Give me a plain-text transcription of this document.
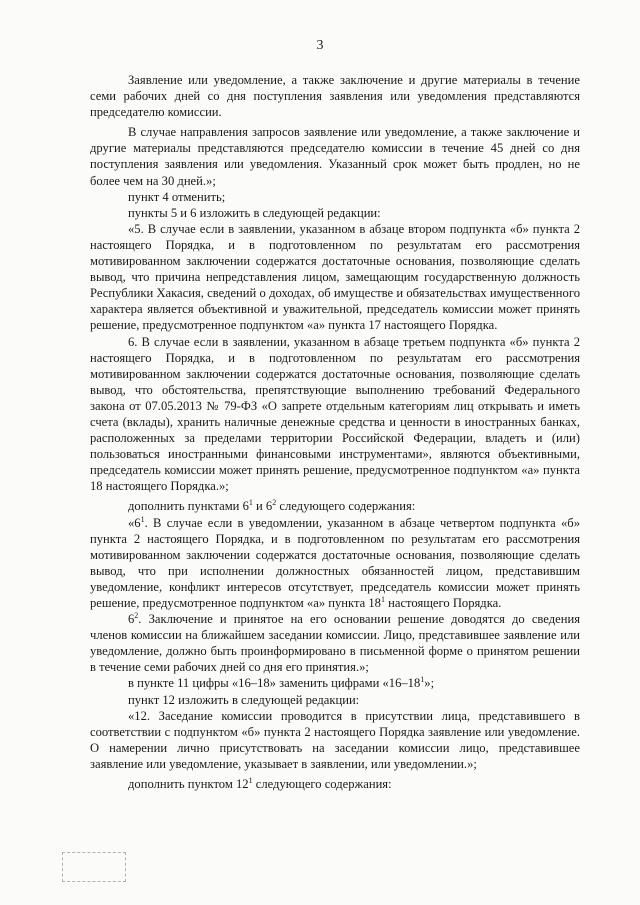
3

Заявление или уведомление, а также заключение и другие материалы в течение семи рабочих дней со дня поступления заявления или уведомления представляются председателю комиссии.

В случае направления запросов заявление или уведомление, а также заключение и другие материалы представляются председателю комиссии в течение 45 дней со дня поступления заявления или уведомления. Указанный срок может быть продлен, но не более чем на 30 дней.»;

пункт 4 отменить;

пункты 5 и 6 изложить в следующей редакции:

«5. В случае если в заявлении, указанном в абзаце втором подпункта «б» пункта 2 настоящего Порядка, и в подготовленном по результатам его рассмотрения мотивированном заключении содержатся достаточные основания, позволяющие сделать вывод, что причина непредставления лицом, замещающим государственную должность Республики Хакасия, сведений о доходах, об имуществе и обязательствах имущественного характера является объективной и уважительной, председатель комиссии может принять решение, предусмотренное подпунктом «а» пункта 17 настоящего Порядка.

6. В случае если в заявлении, указанном в абзаце третьем подпункта «б» пункта 2 настоящего Порядка, и в подготовленном по результатам его рассмотрения мотивированном заключении содержатся достаточные основания, позволяющие сделать вывод, что обстоятельства, препятствующие выполнению требований Федерального закона от 07.05.2013 № 79-ФЗ «О запрете отдельным категориям лиц открывать и иметь счета (вклады), хранить наличные денежные средства и ценности в иностранных банках, расположенных за пределами территории Российской Федерации, владеть и (или) пользоваться иностранными финансовыми инструментами», являются объективными, председатель комиссии может принять решение, предусмотренное подпунктом «а» пункта 18 настоящего Порядка.»;

дополнить пунктами $6^1$ и $6^2$ следующего содержания:

«$6^1$. В случае если в уведомлении, указанном в абзаце четвертом подпункта «б» пункта 2 настоящего Порядка, и в подготовленном по результатам его рассмотрения мотивированном заключении содержатся достаточные основания, позволяющие сделать вывод, что при исполнении должностных обязанностей лицом, представившим уведомление, конфликт интересов отсутствует, председатель комиссии может принять решение, предусмотренное подпунктом «а» пункта $18^1$ настоящего Порядка.

$6^2$. Заключение и принятое на его основании решение доводятся до сведения членов комиссии на ближайшем заседании комиссии. Лицо, представившее заявление или уведомление, должно быть проинформировано в письменной форме о принятом решении в течение семи рабочих дней со дня его принятия.»;

в пункте 11 цифры «16–18» заменить цифрами «$16-18^1$»;

пункт 12 изложить в следующей редакции:

«12. Заседание комиссии проводится в присутствии лица, представившего в соответствии с подпунктом «б» пункта 2 настоящего Порядка заявление или уведомление. О намерении лично присутствовать на заседании комиссии лицо, представившее заявление или уведомление, указывает в заявлении, или уведомлении.»;

дополнить пунктом $12^1$ следующего содержания:
